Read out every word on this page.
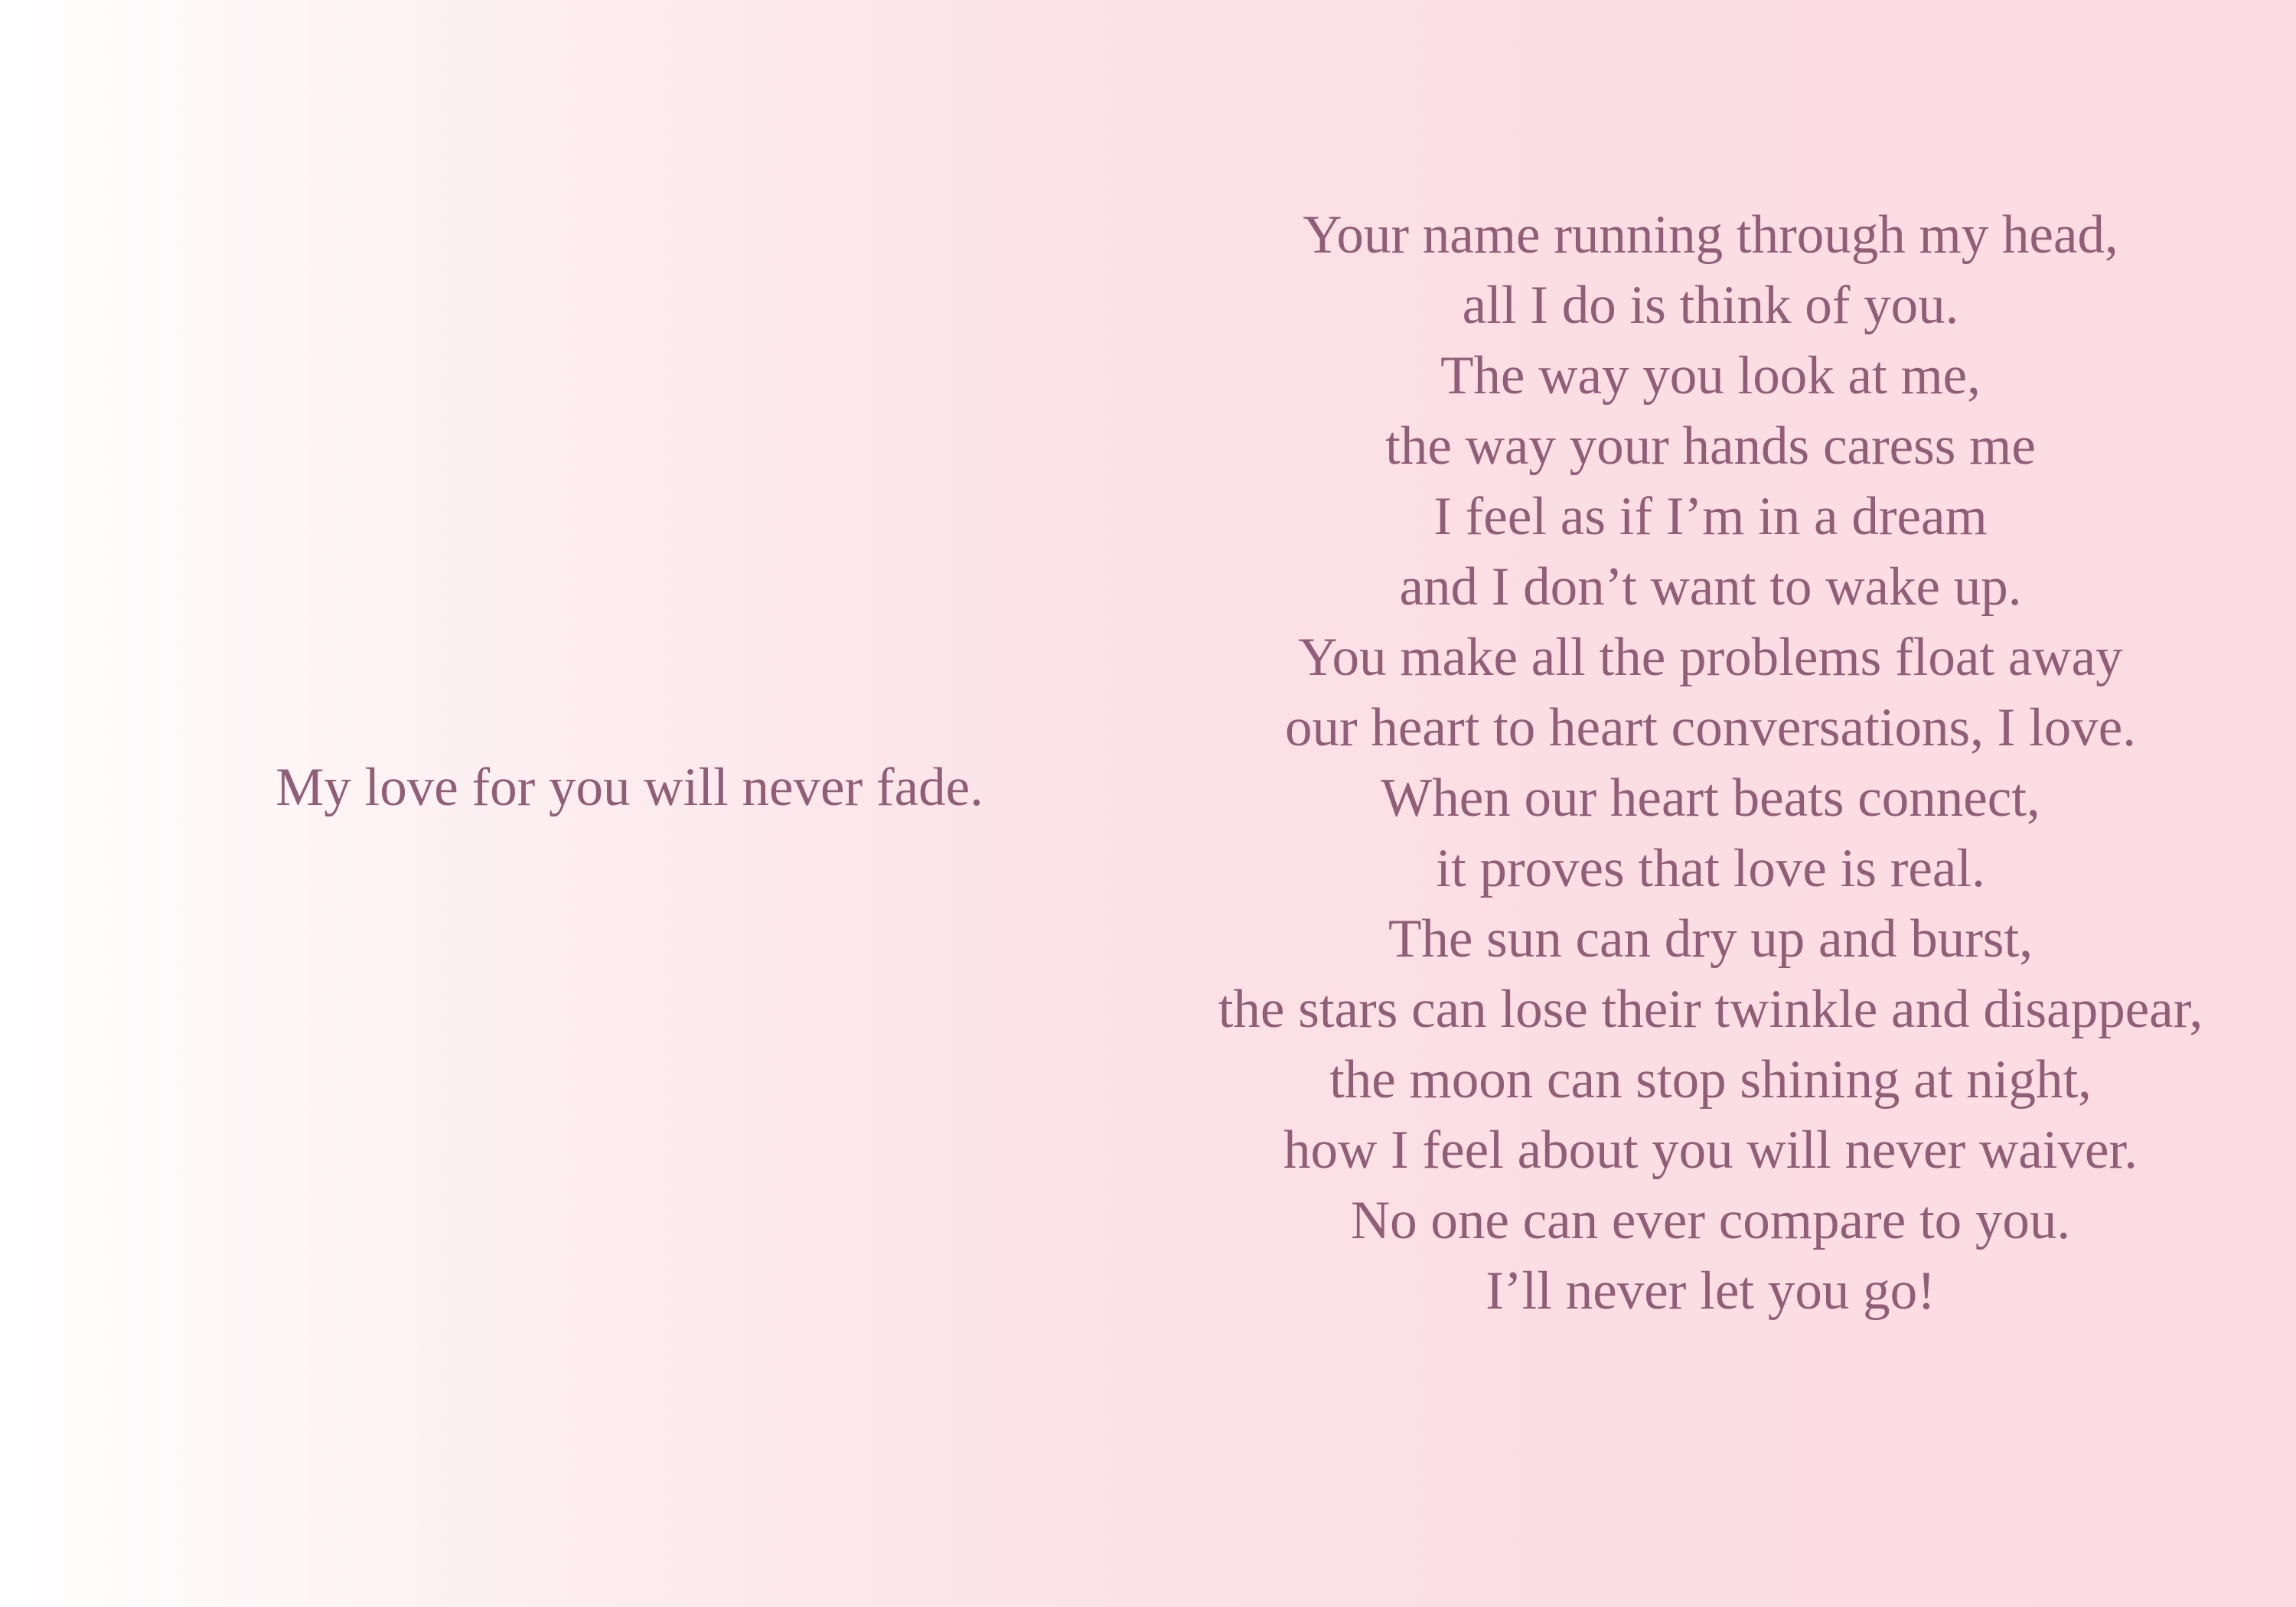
My love for you will never fade.
Your name running through my head,
all I do is think of you.
The way you look at me,
the way your hands caress me
I feel as if I’m in a dream
and I don’t want to wake up.
You make all the problems float away
our heart to heart conversations, I love.
When our heart beats connect,
it proves that love is real.
The sun can dry up and burst,
the stars can lose their twinkle and disappear,
the moon can stop shining at night,
how I feel about you will never waiver.
No one can ever compare to you.
I’ll never let you go!
